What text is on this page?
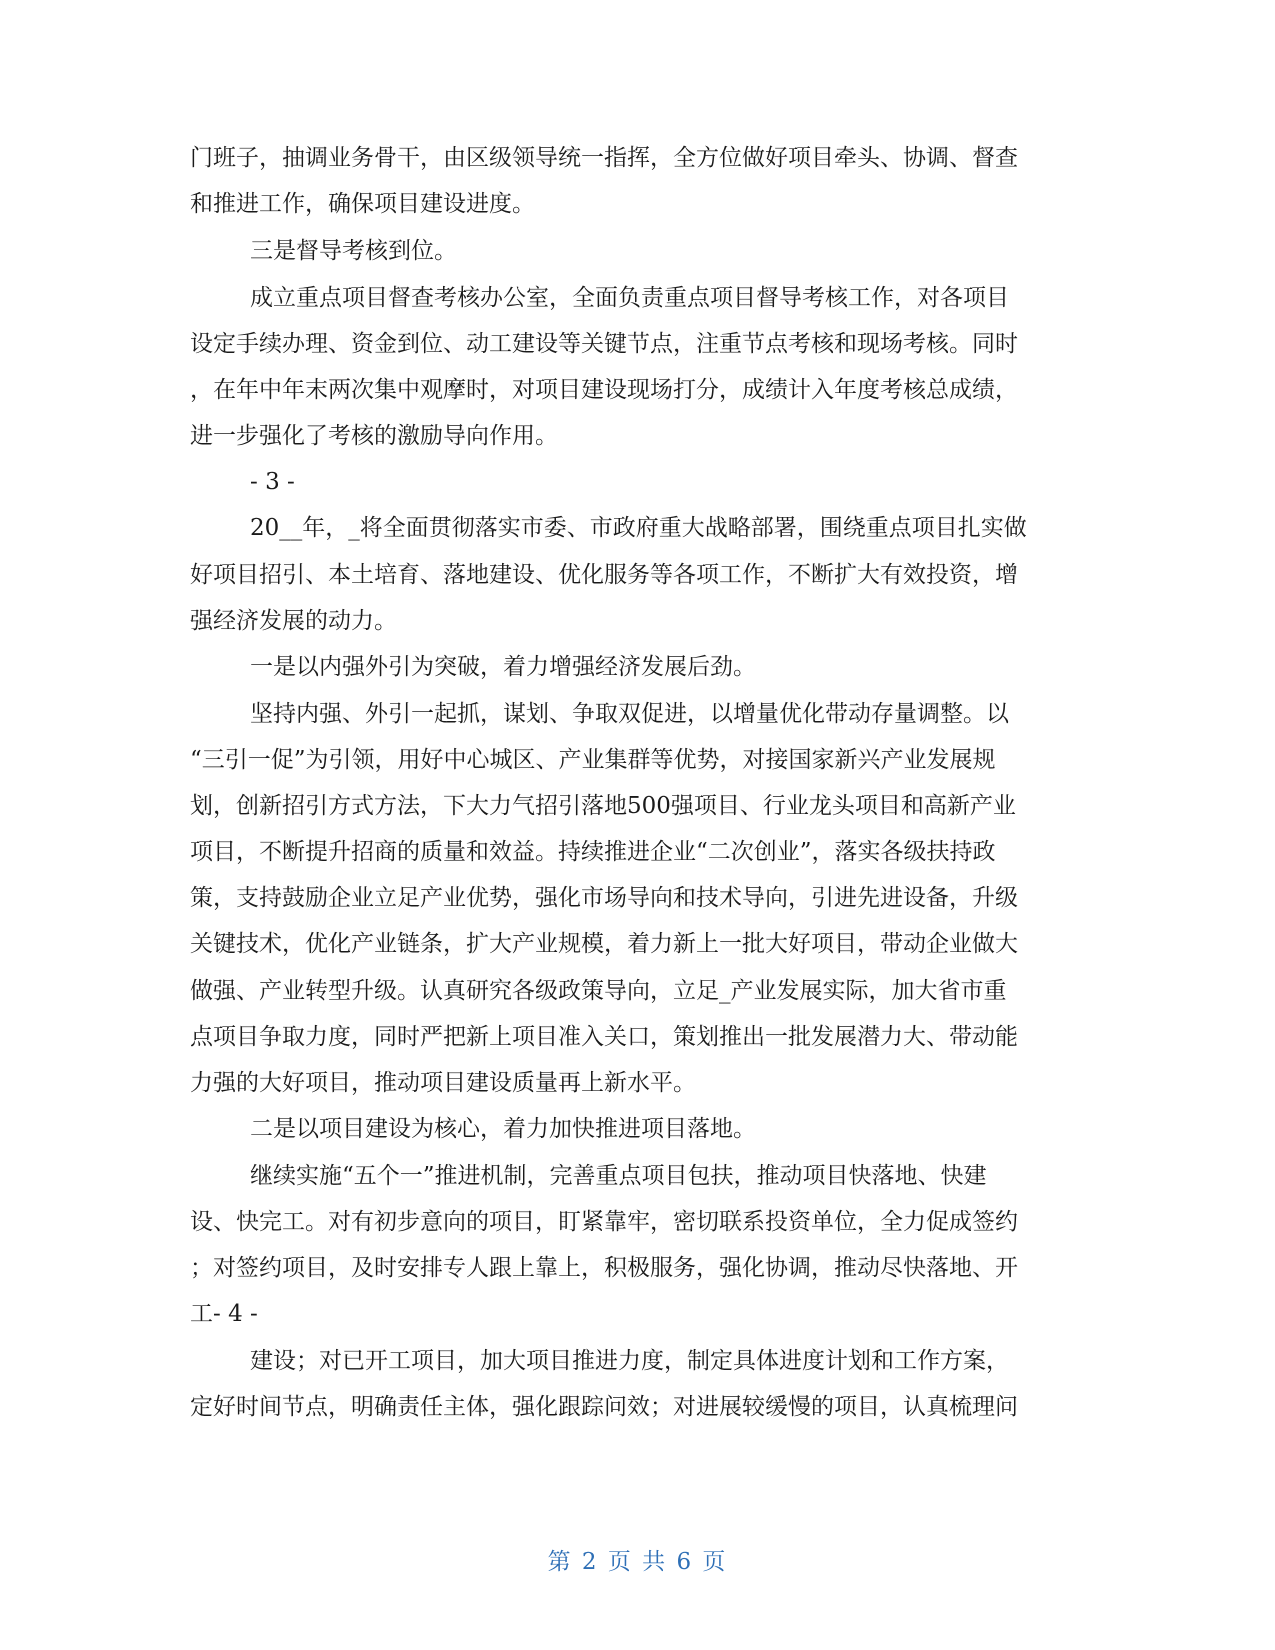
门班子，抽调业务骨干，由区级领导统一指挥，全方位做好项目牵头、协调、督查
和推进工作，确保项目建设进度。
三是督导考核到位。
成立重点项目督查考核办公室，全面负责重点项目督导考核工作，对各项目
设定手续办理、资金到位、动工建设等关键节点，注重节点考核和现场考核。同时
，在年中年末两次集中观摩时，对项目建设现场打分，成绩计入年度考核总成绩，
进一步强化了考核的激励导向作用。
- 3 -
20__年，_将全面贯彻落实市委、市政府重大战略部署，围绕重点项目扎实做
好项目招引、本土培育、落地建设、优化服务等各项工作，不断扩大有效投资，增
强经济发展的动力。
一是以内强外引为突破，着力增强经济发展后劲。
坚持内强、外引一起抓，谋划、争取双促进，以增量优化带动存量调整。以
“三引一促”为引领，用好中心城区、产业集群等优势，对接国家新兴产业发展规
划，创新招引方式方法，下大力气招引落地500强项目、行业龙头项目和高新产业
项目，不断提升招商的质量和效益。持续推进企业“二次创业”，落实各级扶持政
策，支持鼓励企业立足产业优势，强化市场导向和技术导向，引进先进设备，升级
关键技术，优化产业链条，扩大产业规模，着力新上一批大好项目，带动企业做大
做强、产业转型升级。认真研究各级政策导向，立足_产业发展实际，加大省市重
点项目争取力度，同时严把新上项目准入关口，策划推出一批发展潜力大、带动能
力强的大好项目，推动项目建设质量再上新水平。
二是以项目建设为核心，着力加快推进项目落地。
继续实施“五个一”推进机制，完善重点项目包扶，推动项目快落地、快建
设、快完工。对有初步意向的项目，盯紧靠牢，密切联系投资单位，全力促成签约
；对签约项目，及时安排专人跟上靠上，积极服务，强化协调，推动尽快落地、开
工- 4 -
建设；对已开工项目，加大项目推进力度，制定具体进度计划和工作方案，
定好时间节点，明确责任主体，强化跟踪问效；对进展较缓慢的项目，认真梳理问
第 2 页 共 6 页
